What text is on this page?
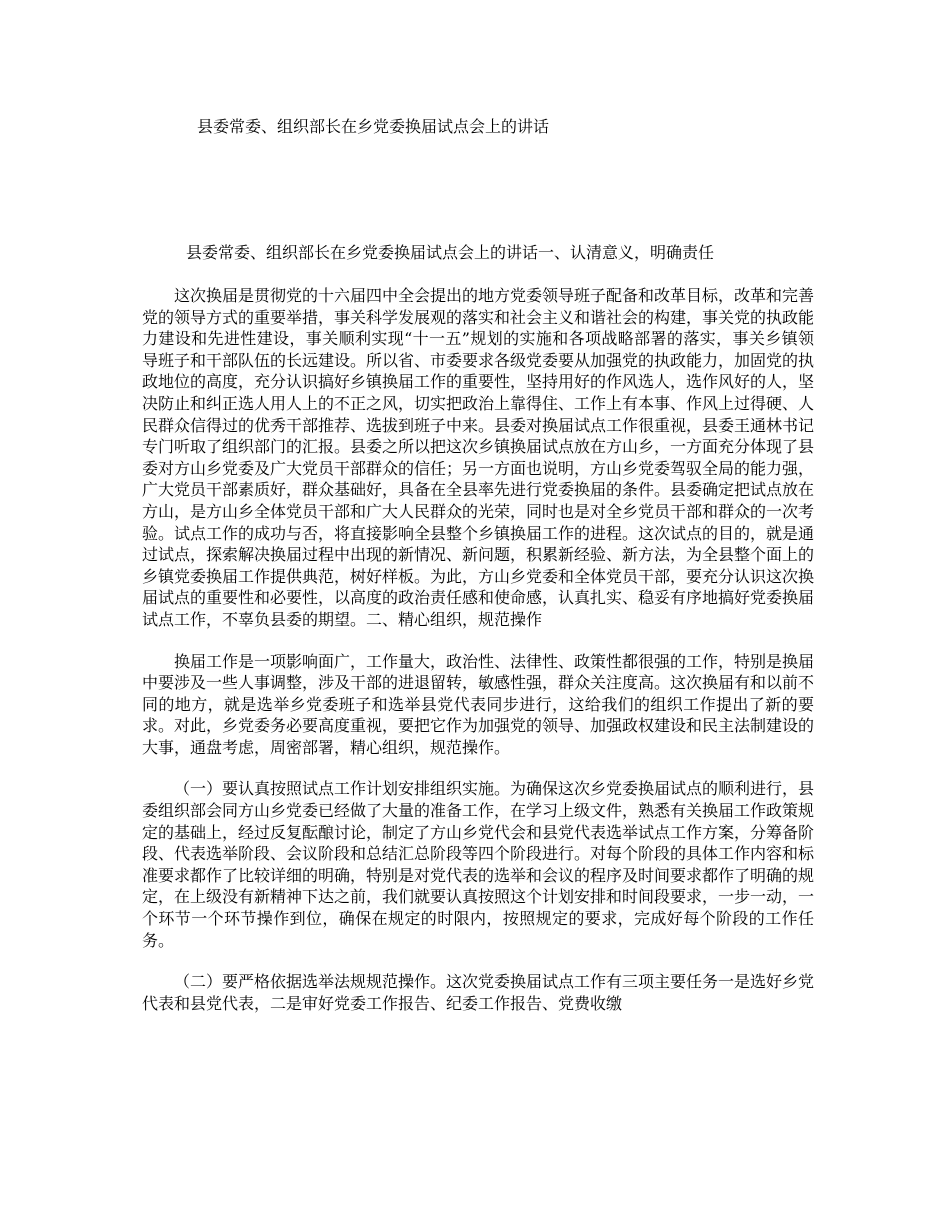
县委常委、组织部长在乡党委换届试点会上的讲话
县委常委、组织部长在乡党委换届试点会上的讲话一、认清意义，明确责任

这次换届是贯彻党的十六届四中全会提出的地方党委领导班子配备和改革目标，改革和完善党的领导方式的重要举措，事关科学发展观的落实和社会主义和谐社会的构建，事关党的执政能力建设和先进性建设，事关顺利实现“十一五”规划的实施和各项战略部署的落实，事关乡镇领导班子和干部队伍的长远建设。所以省、市委要求各级党委要从加强党的执政能力，加固党的执政地位的高度，充分认识搞好乡镇换届工作的重要性，坚持用好的作风选人，选作风好的人，坚决防止和纠正选人用人上的不正之风，切实把政治上靠得住、工作上有本事、作风上过得硬、人民群众信得过的优秀干部推荐、选拔到班子中来。县委对换届试点工作很重视，县委王通林书记专门听取了组织部门的汇报。县委之所以把这次乡镇换届试点放在方山乡，一方面充分体现了县委对方山乡党委及广大党员干部群众的信任；另一方面也说明，方山乡党委驾驭全局的能力强，广大党员干部素质好，群众基础好，具备在全县率先进行党委换届的条件。县委确定把试点放在方山，是方山乡全体党员干部和广大人民群众的光荣，同时也是对全乡党员干部和群众的一次考验。试点工作的成功与否，将直接影响全县整个乡镇换届工作的进程。这次试点的目的，就是通过试点，探索解决换届过程中出现的新情况、新问题，积累新经验、新方法，为全县整个面上的乡镇党委换届工作提供典范，树好样板。为此，方山乡党委和全体党员干部，要充分认识这次换届试点的重要性和必要性，以高度的政治责任感和使命感，认真扎实、稳妥有序地搞好党委换届试点工作，不辜负县委的期望。二、精心组织，规范操作

换届工作是一项影响面广，工作量大，政治性、法律性、政策性都很强的工作，特别是换届中要涉及一些人事调整，涉及干部的进退留转，敏感性强，群众关注度高。这次换届有和以前不同的地方，就是选举乡党委班子和选举县党代表同步进行，这给我们的组织工作提出了新的要求。对此，乡党委务必要高度重视，要把它作为加强党的领导、加强政权建设和民主法制建设的大事，通盘考虑，周密部署，精心组织，规范操作。

（一）要认真按照试点工作计划安排组织实施。为确保这次乡党委换届试点的顺利进行，县委组织部会同方山乡党委已经做了大量的准备工作，在学习上级文件，熟悉有关换届工作政策规定的基础上，经过反复酝酿讨论，制定了方山乡党代会和县党代表选举试点工作方案，分筹备阶段、代表选举阶段、会议阶段和总结汇总阶段等四个阶段进行。对每个阶段的具体工作内容和标准要求都作了比较详细的明确，特别是对党代表的选举和会议的程序及时间要求都作了明确的规定，在上级没有新精神下达之前，我们就要认真按照这个计划安排和时间段要求，一步一动，一个环节一个环节操作到位，确保在规定的时限内，按照规定的要求，完成好每个阶段的工作任务。

（二）要严格依据选举法规规范操作。这次党委换届试点工作有三项主要任务一是选好乡党代表和县党代表，二是审好党委工作报告、纪委工作报告、党费收缴
